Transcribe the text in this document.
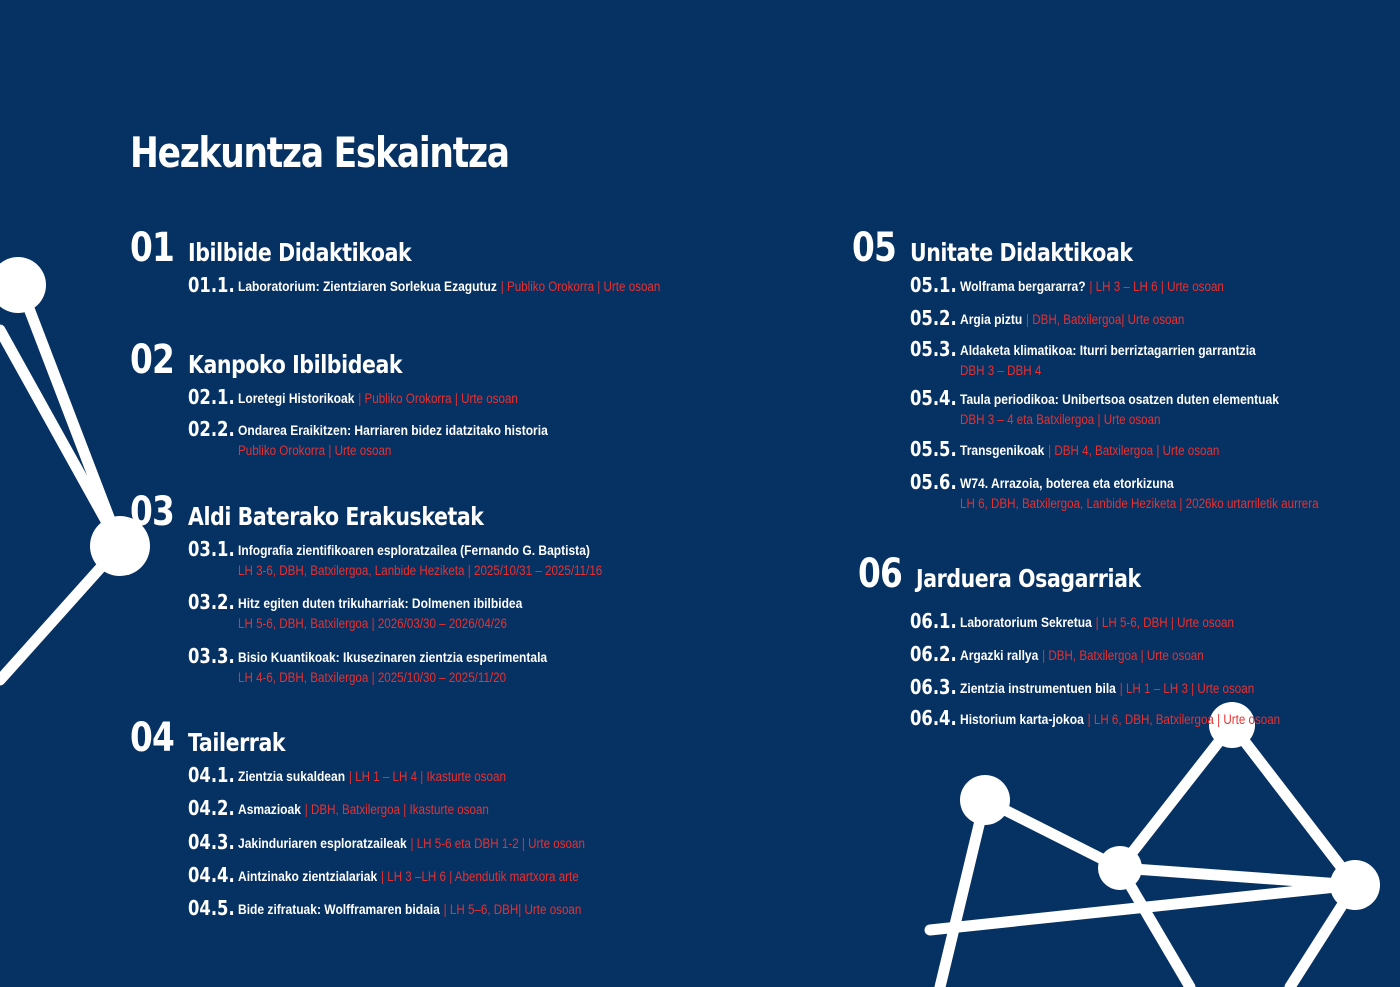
Hezkuntza Eskaintza
01 Ibilbide Didaktikoak
01.1. Laboratorium: Zientziaren Sorlekua Ezagutuz | Publiko Orokorra | Urte osoan
02 Kanpoko Ibilbideak
02.1. Loretegi Historikoak | Publiko Orokorra | Urte osoan
02.2. Ondarea Eraikitzen: Harriaren bidez idatzitako historia
Publiko Orokorra | Urte osoan
03 Aldi Baterako Erakusketak
03.1. Infografia zientifikoaren esploratzailea (Fernando G. Baptista)
LH 3-6, DBH, Batxilergoa, Lanbide Heziketa | 2025/10/31 – 2025/11/16
03.2. Hitz egiten duten trikuharriak: Dolmenen ibilbidea
LH 5-6, DBH, Batxilergoa | 2026/03/30 – 2026/04/26
03.3. Bisio Kuantikoak: Ikusezinaren zientzia esperimentala
LH 4-6, DBH, Batxilergoa | 2025/10/30 – 2025/11/20
04 Tailerrak
04.1. Zientzia sukaldean | LH 1 – LH 4 | Ikasturte osoan
04.2. Asmazioak | DBH, Batxilergoa | Ikasturte osoan
04.3. Jakinduriaren esploratzaileak | LH 5-6 eta DBH 1-2 | Urte osoan
04.4. Aintzinako zientzialariak | LH 3 –LH 6 | Abendutik martxora arte
04.5. Bide zifratuak: Wolfframaren bidaia | LH 5–6, DBH| Urte osoan
05 Unitate Didaktikoak
05.1. Wolframa bergararra? | LH 3 – LH 6 | Urte osoan
05.2. Argia piztu | DBH, Batxilergoa| Urte osoan
05.3. Aldaketa klimatikoa: Iturri berriztagarrien garrantzia
DBH 3 – DBH 4
05.4. Taula periodikoa: Unibertsoa osatzen duten elementuak
DBH 3 – 4 eta Batxilergoa | Urte osoan
05.5. Transgenikoak | DBH 4, Batxilergoa | Urte osoan
05.6. W74. Arrazoia, boterea eta etorkizuna
LH 6, DBH, Batxilergoa, Lanbide Heziketa | 2026ko urtarriletik aurrera
06 Jarduera Osagarriak
06.1. Laboratorium Sekretua | LH 5-6, DBH | Urte osoan
06.2. Argazki rallya | DBH, Batxilergoa | Urte osoan
06.3. Zientzia instrumentuen bila | LH 1 – LH 3 | Urte osoan
06.4. Historium karta-jokoa | LH 6, DBH, Batxilergoa | Urte osoan
